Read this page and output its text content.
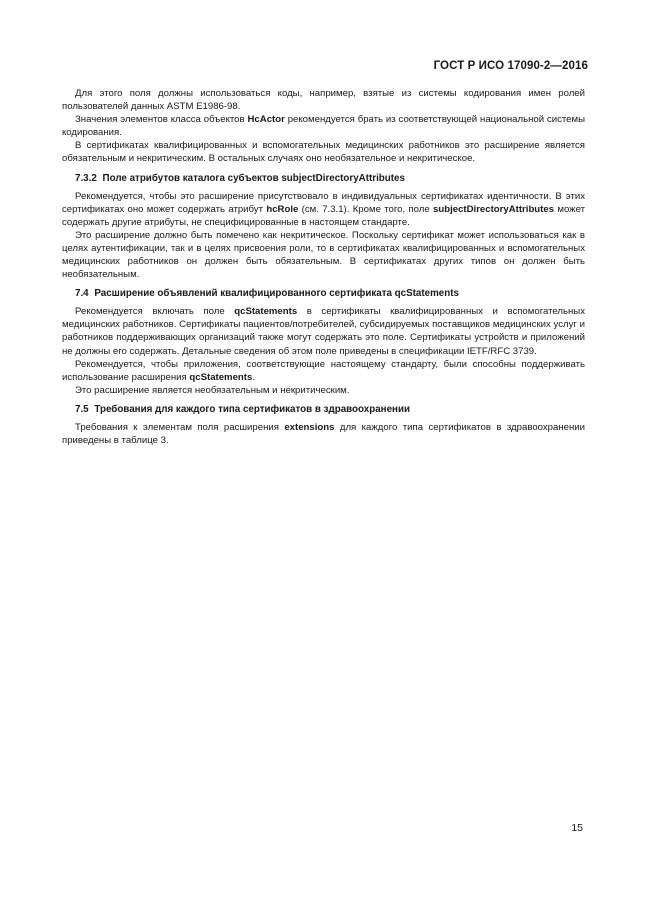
ГОСТ Р ИСО 17090-2—2016

Для этого поля должны использоваться коды, например, взятые из системы кодирования имен ролей пользователей данных ASTM E1986-98.

Значения элементов класса объектов HcActor рекомендуется брать из соответствующей национальной системы кодирования.

В сертификатах квалифицированных и вспомогательных медицинских работников это расширение является обязательным и некритическим. В остальных случаях оно необязательное и некритическое.

7.3.2 Поле атрибутов каталога субъектов subjectDirectoryAttributes

Рекомендуется, чтобы это расширение присутствовало в индивидуальных сертификатах идентичности. В этих сертификатах оно может содержать атрибут hcRole (см. 7.3.1). Кроме того, поле subjectDirectoryAttributes может содержать другие атрибуты, не специфицированные в настоящем стандарте.

Это расширение должно быть помечено как некритическое. Поскольку сертификат может использоваться как в целях аутентификации, так и в целях присвоения роли, то в сертификатах квалифицированных и вспомогательных медицинских работников он должен быть обязательным. В сертификатах других типов он должен быть необязательным.

7.4 Расширение объявлений квалифицированного сертификата qcStatements

Рекомендуется включать поле qcStatements в сертификаты квалифицированных и вспомогательных медицинских работников. Сертификаты пациентов/потребителей, субсидируемых поставщиков медицинских услуг и работников поддерживающих организаций также могут содержать это поле. Сертификаты устройств и приложений не должны его содержать. Детальные сведения об этом поле приведены в спецификации IETF/RFC 3739.

Рекомендуется, чтобы приложения, соответствующие настоящему стандарту, были способны поддерживать использование расширения qcStatements.

Это расширение является необязательным и некритическим.

7.5 Требования для каждого типа сертификатов в здравоохранении

Требования к элементам поля расширения extensions для каждого типа сертификатов в здравоохранении приведены в таблице 3.

15
